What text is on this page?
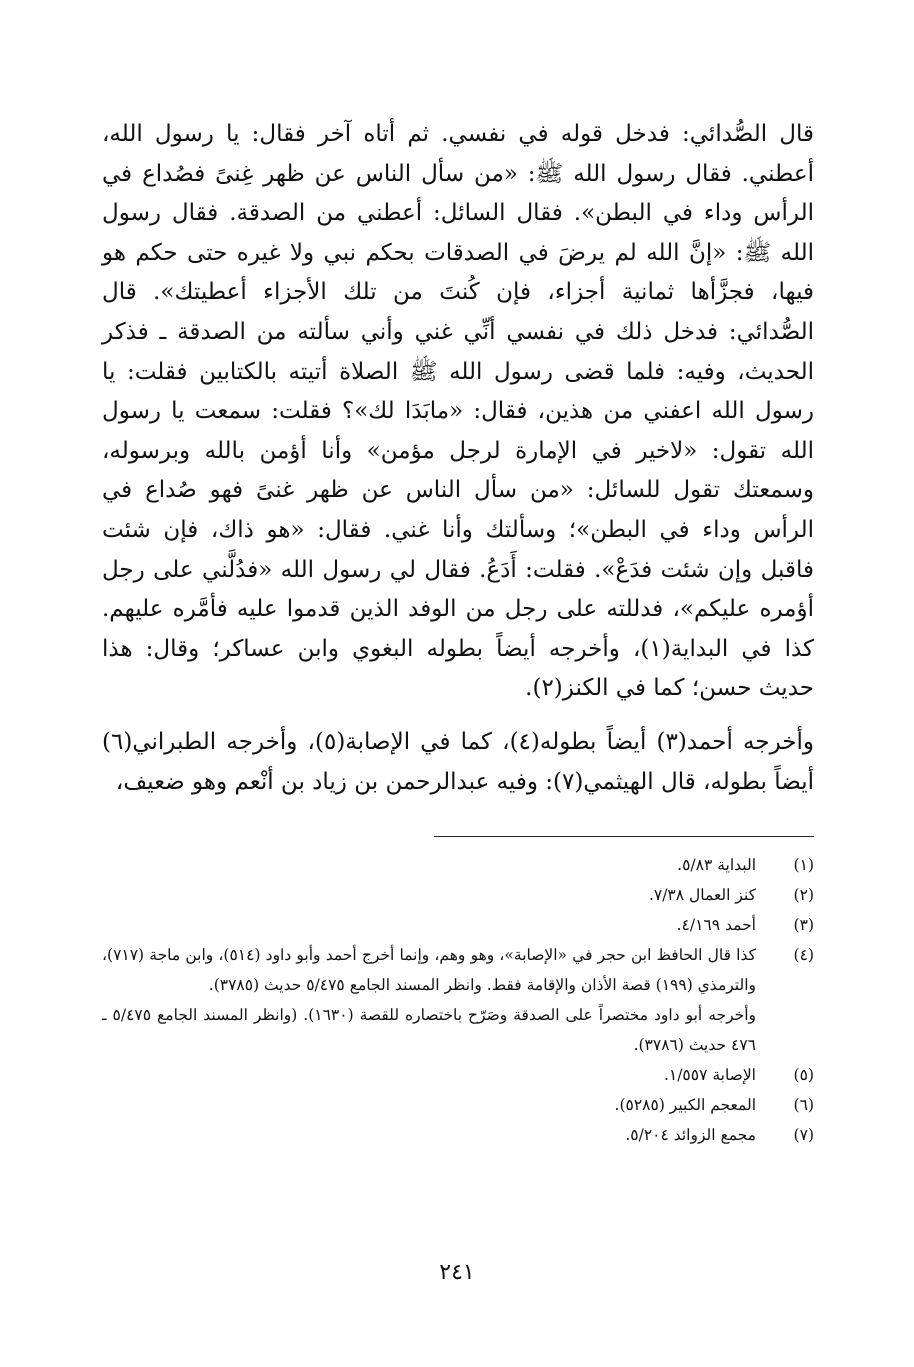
قال الصُّدائي: فدخل قوله في نفسي. ثم أتاه آخر فقال: يا رسول الله، أعطني. فقال رسول الله ﷺ: «من سأل الناس عن ظهر غِنىً فصُداع في الرأس وداء في البطن». فقال السائل: أعطني من الصدقة. فقال رسول الله ﷺ: «إنَّ الله لم يرضَ في الصدقات بحكم نبي ولا غيره حتى حكم هو فيها، فجزَّأها ثمانية أجزاء، فإن كُنتَ من تلك الأجزاء أعطيتك». قال الصُّدائي: فدخل ذلك في نفسي أنِّي غني وأني سألته من الصدقة ـ فذكر الحديث، وفيه: فلما قضى رسول الله ﷺ الصلاة أتيته بالكتابين فقلت: يا رسول الله اعفني من هذين، فقال: «مابَدَا لك»؟ فقلت: سمعت يا رسول الله تقول: «لاخير في الإمارة لرجل مؤمن» وأنا أؤمن بالله وبرسوله، وسمعتك تقول للسائل: «من سأل الناس عن ظهر غنىً فهو صُداع في الرأس وداء في البطن»؛ وسألتك وأنا غني. فقال: «هو ذاك، فإن شئت فاقبل وإن شئت فدَعْ». فقلت: أَدَعُ. فقال لي رسول الله «فدُلَّني على رجل أؤمره عليكم»، فدللته على رجل من الوفد الذين قدموا عليه فأمَّره عليهم. كذا في البداية(١)، وأخرجه أيضاً بطوله البغوي وابن عساكر؛ وقال: هذا حديث حسن؛ كما في الكنز(٢).

وأخرجه أحمد(٣) أيضاً بطوله(٤)، كما في الإصابة(٥)، وأخرجه الطبراني(٦) أيضاً بطوله، قال الهيثمي(٧): وفيه عبدالرحمن بن زياد بن أنْعم وهو ضعيف،

(١)

البداية ٥/٨٣.

(٢)

كنز العمال ٧/٣٨.

(٣)

أحمد ٤/١٦٩.

(٤)

كذا قال الحافظ ابن حجر في «الإصابة»، وهو وهم، وإنما أخرج أحمد وأبو داود (٥١٤)، وابن ماجة (٧١٧)، والترمذي (١٩٩) قصة الأذان والإقامة فقط. وانظر المسند الجامع ٥/٤٧٥ حديث (٣٧٨٥).

وأخرجه أبو داود مختصراً على الصدقة وصَرّح باختصاره للقصة (١٦٣٠). (وانظر المسند الجامع ٥/٤٧٥ ـ ٤٧٦ حديث (٣٧٨٦).

(٥)

الإصابة ١/٥٥٧.

(٦)

المعجم الكبير (٥٢٨٥).

(٧)

مجمع الزوائد ٥/٢٠٤.

٢٤١
